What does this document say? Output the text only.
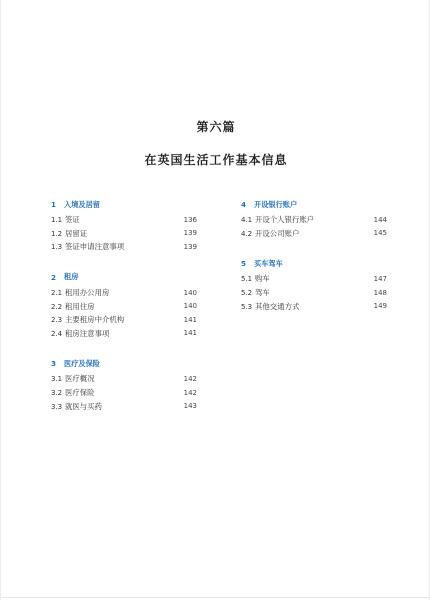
第六篇
在英国生活工作基本信息
1	入境及居留
1.1 签证	136
1.2 居留证	139
1.3 签证申请注意事项	139
2	租房
2.1 租用办公用房	140
2.2 租用住房	140
2.3 主要租房中介机构	141
2.4 租房注意事项	141
3	医疗及保险
3.1 医疗概况	142
3.2 医疗保险	142
3.3 就医与买药	143
4	开设银行账户
4.1 开设个人银行账户	144
4.2 开设公司账户	145
5	买车驾车
5.1 购车	147
5.2 驾车	148
5.3 其他交通方式	149
